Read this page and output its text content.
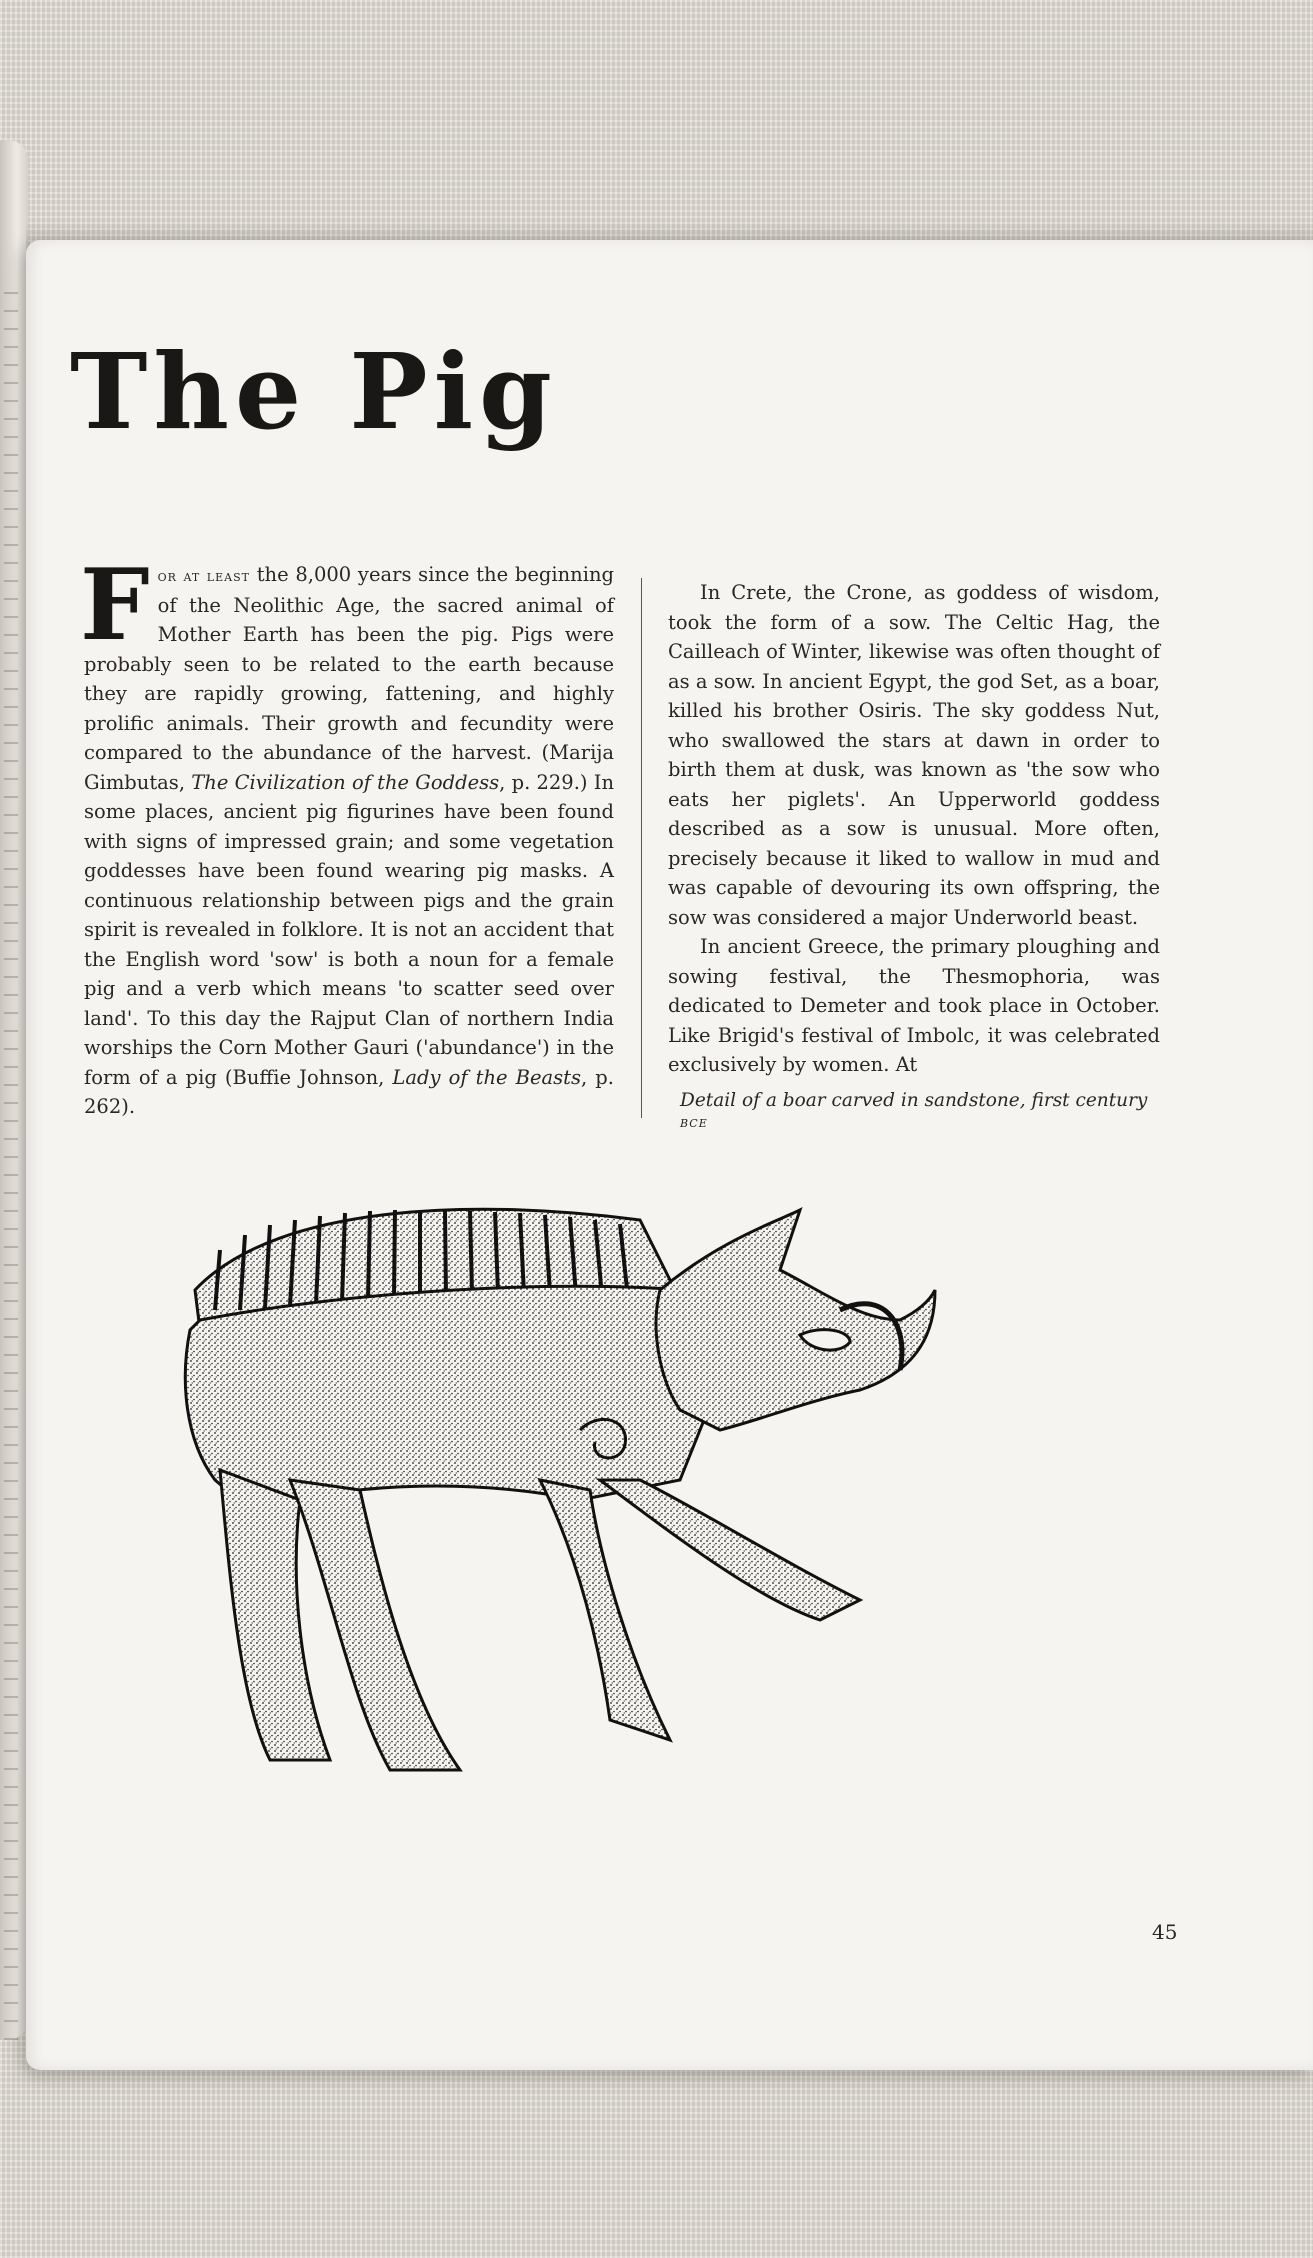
The Pig

For at least the 8,000 years since the beginning of the Neolithic Age, the sacred animal of Mother Earth has been the pig. Pigs were probably seen to be related to the earth because they are rapidly growing, fattening, and highly prolific animals. Their growth and fecundity were compared to the abundance of the harvest. (Marija Gimbutas, The Civilization of the Goddess, p. 229.) In some places, ancient pig figurines have been found with signs of impressed grain; and some vegetation goddesses have been found wearing pig masks. A continuous relationship between pigs and the grain spirit is revealed in folklore. It is not an accident that the English word 'sow' is both a noun for a female pig and a verb which means 'to scatter seed over land'. To this day the Rajput Clan of northern India worships the Corn Mother Gauri ('abundance') in the form of a pig (Buffie Johnson, Lady of the Beasts, p. 262).

In Crete, the Crone, as goddess of wisdom, took the form of a sow. The Celtic Hag, the Cailleach of Winter, likewise was often thought of as a sow. In ancient Egypt, the god Set, as a boar, killed his brother Osiris. The sky goddess Nut, who swallowed the stars at dawn in order to birth them at dusk, was known as 'the sow who eats her piglets'. An Upperworld goddess described as a sow is unusual. More often, precisely because it liked to wallow in mud and was capable of devouring its own offspring, the sow was considered a major Underworld beast.

In ancient Greece, the primary ploughing and sowing festival, the Thesmophoria, was dedicated to Demeter and took place in October. Like Brigid's festival of Imbolc, it was celebrated exclusively by women. At

Detail of a boar carved in sandstone, first century bce

45
